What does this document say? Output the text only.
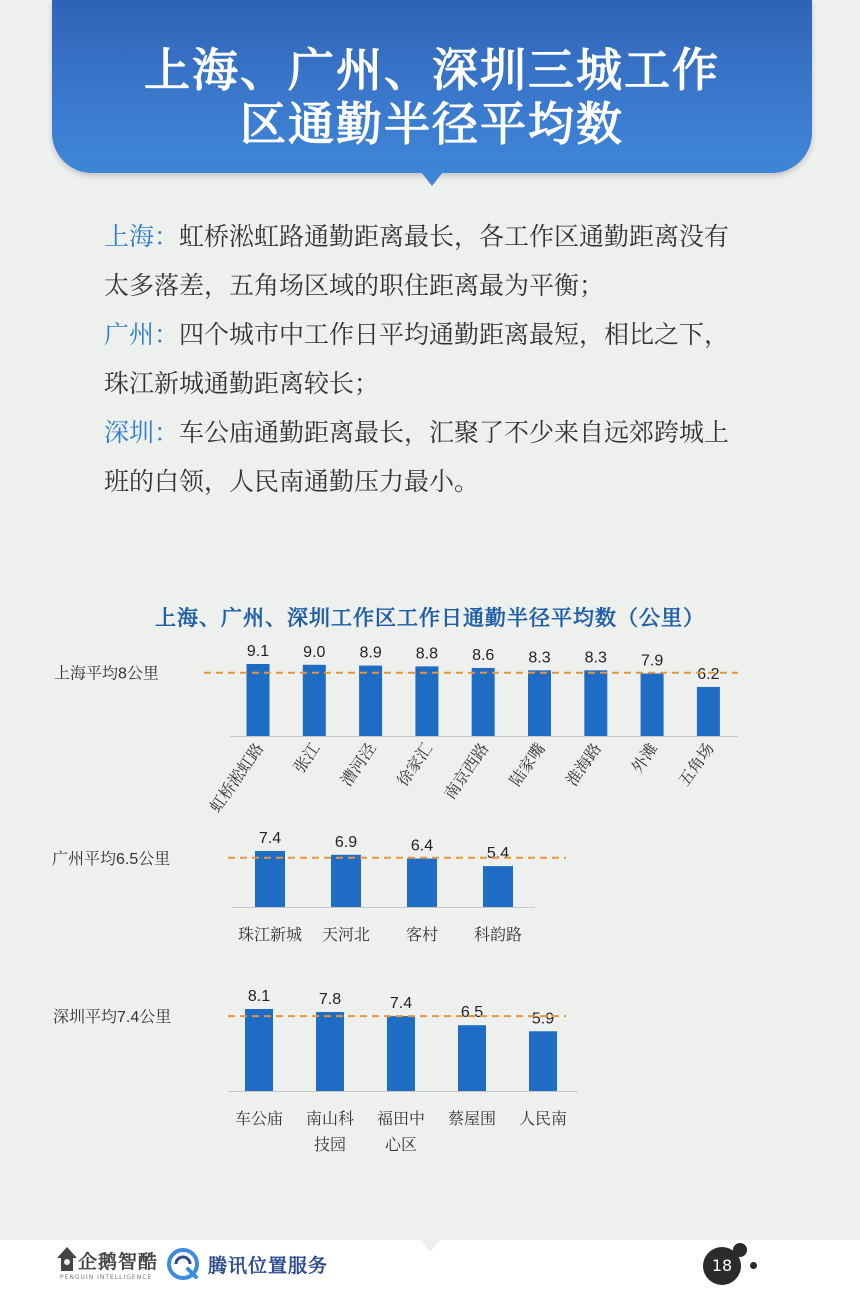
上海、广州、深圳三城工作
区通勤半径平均数

上海：虹桥淞虹路通勤距离最长，各工作区通勤距离没有太多落差，五角场区域的职住距离最为平衡；

广州：四个城市中工作日平均通勤距离最短，相比之下，珠江新城通勤距离较长；

深圳：车公庙通勤距离最长，汇聚了不少来自远郊跨城上班的白领，人民南通勤压力最小。

上海、广州、深圳工作区工作日通勤半径平均数（公里）
9.1 9.0 8.9 8.8 8.6 8.3 8.3 7.9
6.2
上海平均8公里
虹桥淞虹路 张江 漕河泾 徐家汇 南京西路 陆家嘴 淮海路 外滩 五角场
7.4	6.9	6.4	5.4
广州平均6.5公里
珠江新城 天河北 客村 科韵路
8.1	7.8	7.4
6.5	5.9
深圳平均7.4公里
车公庙 南山科
技园
福田中
心区
蔡屋围 人民南
企鹅智酷
PENGUIN INTELLIGENCE
腾讯位置服务	18
